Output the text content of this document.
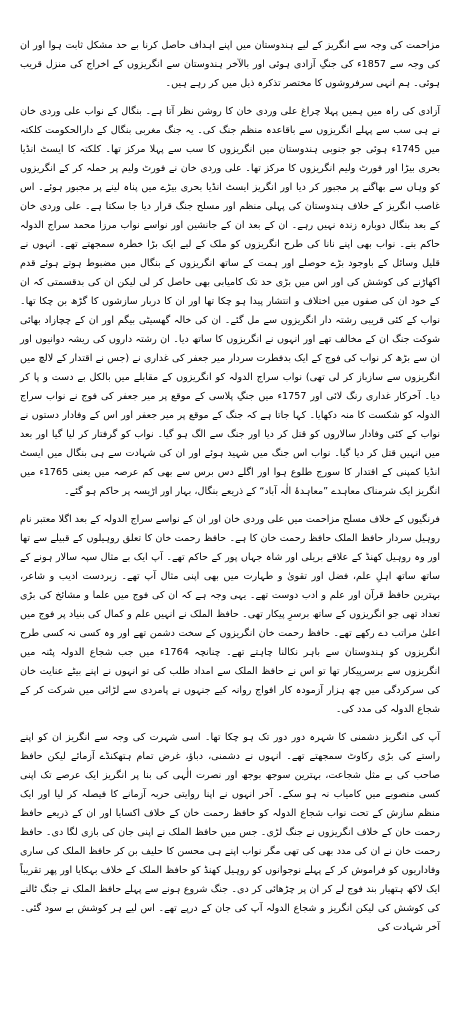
مزاحمت کی وجہ سے انگریز کے لیے ہندوستان میں اپنے اہداف حاصل کرنا بے حد مشکل ثابت ہوا اور ان کی وجہ سے 1857ء کی جنگِ آزادی ہوئی اور بالآخر ہندوستان سے انگریزوں کے اخراج کی منزل قریب ہوئی۔ ہم انہی سرفروشوں کا مختصر تذکرہ ذیل میں کر رہے ہیں۔

آزادی کی راہ میں ہمیں پہلا چراغ علی وردی خان کا روشن نظر آتا ہے۔ بنگال کے نواب علی وردی خان نے ہی سب سے پہلے انگریزوں سے باقاعدہ منظم جنگ کی۔ یہ جنگ مغربی بنگال کے دارالحکومت کلکتہ میں 1745ء ہوئی جو جنوبی ہندوستان میں انگریزوں کا سب سے پہلا مرکز تھا۔ کلکتہ کا ایسٹ انڈیا بحری بیڑا اور فورٹ ولیم انگریزوں کا مرکز تھا۔ علی وردی خان نے فورٹ ولیم پر حملہ کر کے انگریزوں کو وہاں سے بھاگنے پر مجبور کر دیا اور انگریز ایسٹ انڈیا بحری بیڑے میں پناہ لینے پر مجبور ہوئے۔ اس غاصب انگریز کے خلاف ہندوستان کی پہلی منظم اور مسلح جنگ قرار دیا جا سکتا ہے۔ علی وردی خان کے بعد بنگال دوبارہ زندہ نہیں رہے۔ ان کے بعد ان کے جانشین اور نواسے نواب مرزا محمد سراج الدولہ حاکم بنے۔ نواب بھی اپنے نانا کی طرح انگریزوں کو ملک کے لیے ایک بڑا خطرہ سمجھتے تھے۔ انہوں نے قلیل وسائل کے باوجود بڑے حوصلے اور ہمت کے ساتھ انگریزوں کے بنگال میں مضبوط ہوتے ہوئے قدم اکھاڑنے کی کوشش کی اور اس میں بڑی حد تک کامیابی بھی حاصل کر لی لیکن ان کی بدقسمتی کہ ان کے خود ان کی صفوں میں اختلاف و انتشار پیدا ہو چکا تھا اور ان کا دربار سازشوں کا گڑھ بن چکا تھا۔ نواب کے کئی قریبی رشتہ دار انگریزوں سے مل گئے۔ ان کی خالہ گھسیٹی بیگم اور ان کے چچازاد بھائی شوکت جنگ ان کے مخالف تھے اور انہوں نے انگریزوں کا ساتھ دیا۔ ان رشتہ داروں کی ریشہ دوانیوں اور ان سے بڑھ کر نواب کی فوج کے ایک بدفطرت سردار میر جعفر کی غداری نے (جس نے اقتدار کے لالچ میں انگریزوں سے سازباز کر لی تھی) نواب سراج الدولہ کو انگریزوں کے مقابلے میں بالکل بے دست و پا کر دیا۔ آخرکار غداری رنگ لائی اور 1757ء میں جنگِ پلاسی کے موقع پر میر جعفر کی فوج نے نواب سراج الدولہ کو شکست کا منہ دکھایا۔ کہا جاتا ہے کہ جنگ کے موقع پر میر جعفر اور اس کے وفادار دستوں نے نواب کے کئی وفادار سالاروں کو قتل کر دیا اور جنگ سے الگ ہو گیا۔ نواب کو گرفتار کر لیا گیا اور بعد میں انہیں قتل کر دیا گیا۔ نواب اس جنگ میں شہید ہوئے اور ان کی شہادت سے ہی بنگال میں ایسٹ انڈیا کمپنی کے اقتدار کا سورج طلوع ہوا اور اگلے دس برس سے بھی کم عرصہ میں یعنی 1765ء میں انگریز ایک شرمناک معاہدے ”معاہدۂ الٰہ آباد“ کے ذریعے بنگال، بہار اور اڑیسہ پر حاکم ہو گئے۔

فرنگیوں کے خلاف مسلح مزاحمت میں علی وردی خان اور ان کے نواسے سراج الدولہ کے بعد اگلا معتبر نام روہیل سردار حافظ الملک حافظ رحمت خان کا ہے۔ حافظ رحمت خان کا تعلق روہیلوں کے قبیلے سے تھا اور وہ روہیل کھنڈ کے علاقے بریلی اور شاہ جہاں پور کے حاکم تھے۔ آپ ایک بے مثال سپہ سالار ہونے کے ساتھ ساتھ اہلِ علم، فضل اور تقویٰ و طہارت میں بھی اپنی مثال آپ تھے۔ زبردست ادیب و شاعر، بہترین حافظ قرآن اور علم و ادب دوست تھے۔ یہی وجہ ہے کہ ان کی فوج میں علما و مشائخ کی بڑی تعداد تھی جو انگریزوں کے ساتھ برسرِ پیکار تھی۔ حافظ الملک نے انہیں علم و کمال کی بنیاد پر فوج میں اعلیٰ مراتب دے رکھے تھے۔ حافظ رحمت خان انگریزوں کے سخت دشمن تھے اور وہ کسی نہ کسی طرح انگریزوں کو ہندوستان سے باہر نکالنا چاہتے تھے۔ چنانچہ 1764ء میں جب شجاع الدولہ پٹنہ میں انگریزوں سے برسرپیکار تھا تو اس نے حافظ الملک سے امداد طلب کی تو انہوں نے اپنے بیٹے عنایت خان کی سرکردگی میں چھ ہزار آزمودہ کار افواج روانہ کیے جنہوں نے پامردی سے لڑائی میں شرکت کر کے شجاع الدولہ کی مدد کی۔

آپ کی انگریز دشمنی کا شہرہ دور دور تک ہو چکا تھا۔ اسی شہرت کی وجہ سے انگریز ان کو اپنے راستے کی بڑی رکاوٹ سمجھتے تھے۔ انہوں نے دشمنی، دباؤ، غرض تمام ہتھکنڈے آزمائے لیکن حافظ صاحب کی بے مثل شجاعت، بہترین سوجھ بوجھ اور نصرت الٰہی کی بنا پر انگریز ایک عرصے تک اپنی کسی منصوبے میں کامیاب نہ ہو سکے۔ آخر انہوں نے اپنا روایتی حربہ آزمانے کا فیصلہ کر لیا اور ایک منظم سازش کے تحت نواب شجاع الدولہ کو حافظ رحمت خان کے خلاف اکسایا اور ان کے ذریعے حافظ رحمت خان کے خلاف انگریزوں نے جنگ لڑی۔ جس میں حافظ الملک نے اپنی جان کی بازی لگا دی۔ حافظ رحمت خان نے ان کی مدد بھی کی تھی مگر نواب اپنے ہی محسن کا حلیف بن کر حافظ الملک کی ساری وفاداریوں کو فراموش کر کے پہلے نوجوانوں کو روہیل کھنڈ کو حافظ الملک کے خلاف بہکایا اور پھر تقریباً ایک لاکھ ہتھیار بند فوج لے کر ان پر چڑھائی کر دی۔ جنگ شروع ہونے سے پہلے حافظ الملک نے جنگ ٹالنے کی کوشش کی لیکن انگریز و شجاع الدولہ آپ کی جان کے درپے تھے۔ اس لیے ہر کوشش بے سود گئی۔ آخر شہادت کی
